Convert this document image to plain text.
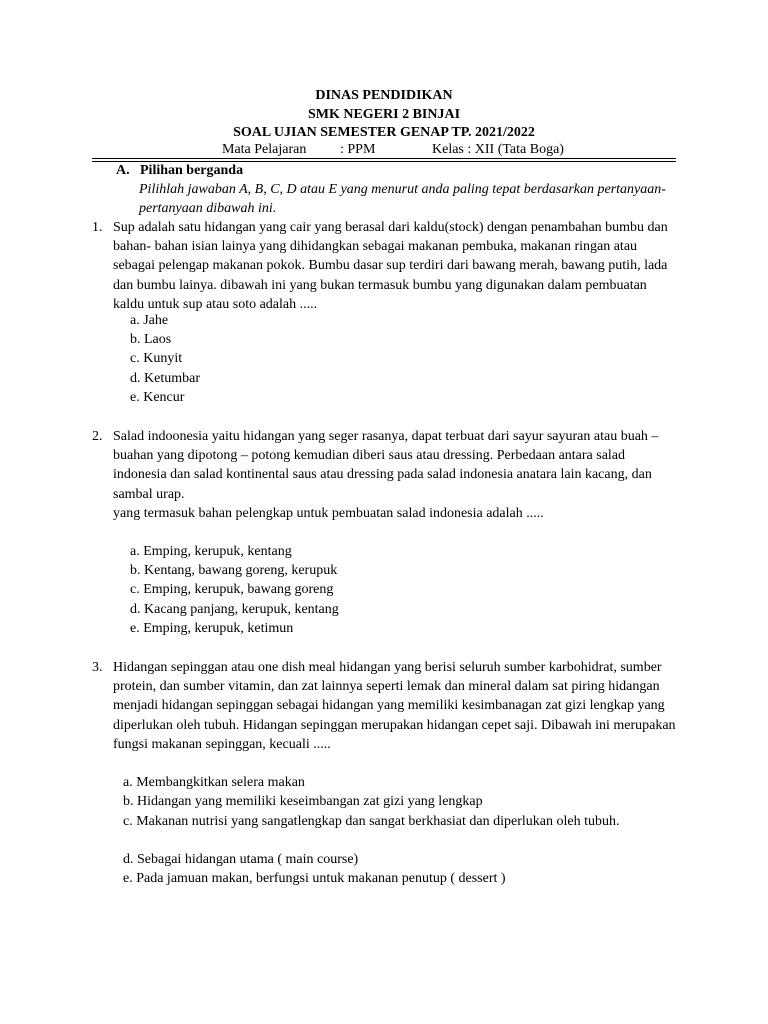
DINAS PENDIDIKAN
SMK NEGERI 2 BINJAI
SOAL UJIAN SEMESTER GENAP TP. 2021/2022
Mata Pelajaran : PPM	Kelas : XII (Tata Boga)
A. Pilihan berganda
Pilihlah jawaban A, B, C, D atau E yang menurut anda paling tepat berdasarkan pertanyaan-pertanyaan dibawah ini.
1. Sup adalah satu hidangan yang cair yang berasal dari kaldu(stock) dengan penambahan bumbu dan bahan- bahan isian lainya yang dihidangkan sebagai makanan pembuka, makanan ringan atau sebagai pelengap makanan pokok. Bumbu dasar sup terdiri dari bawang merah, bawang putih, lada dan bumbu lainya. dibawah ini yang bukan termasuk bumbu yang digunakan dalam pembuatan kaldu untuk sup atau soto adalah .....
a. Jahe
b. Laos
c. Kunyit
d. Ketumbar
e. Kencur
2. Salad indoonesia yaitu hidangan yang seger rasanya, dapat terbuat dari sayur sayuran atau buah – buahan yang dipotong – potong kemudian diberi saus atau dressing. Perbedaan antara salad indonesia dan salad kontinental saus atau dressing pada salad indonesia anatara lain kacang, dan sambal urap.
yang termasuk bahan pelengkap untuk pembuatan salad indonesia adalah .....
a. Emping, kerupuk, kentang
b. Kentang, bawang goreng, kerupuk
c. Emping, kerupuk, bawang goreng
d. Kacang panjang, kerupuk, kentang
e. Emping, kerupuk, ketimun
3. Hidangan sepinggan atau one dish meal hidangan yang berisi seluruh sumber karbohidrat, sumber protein, dan sumber vitamin, dan zat lainnya seperti lemak dan mineral dalam sat piring hidangan menjadi hidangan sepinggan sebagai hidangan yang memiliki kesimbanagan zat gizi lengkap yang diperlukan oleh tubuh. Hidangan sepinggan merupakan hidangan cepet saji. Dibawah ini merupakan fungsi makanan sepinggan, kecuali .....
a. Membangkitkan selera makan
b. Hidangan yang memiliki keseimbangan zat gizi yang lengkap
c. Makanan nutrisi yang sangatlengkap dan sangat berkhasiat dan diperlukan oleh tubuh.
d. Sebagai hidangan utama ( main course)
e. Pada jamuan makan, berfungsi untuk makanan penutup ( dessert )
